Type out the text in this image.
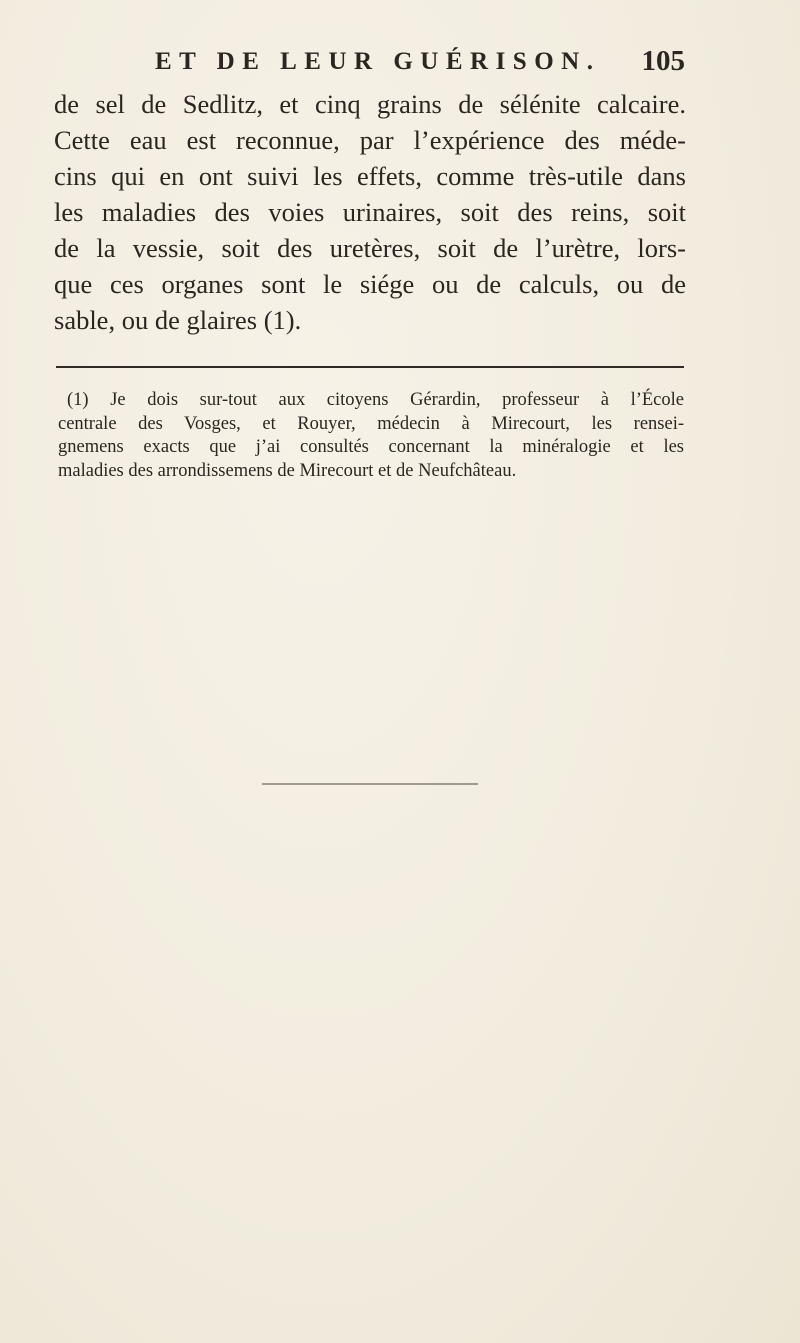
ET DE LEUR GUÉRISON. 105
de sel de Sedlitz, et cinq grains de sélénite calcaire.
Cette eau est reconnue, par l’expérience des méde-
cins qui en ont suivi les effets, comme très-utile dans
les maladies des voies urinaires, soit des reins, soit
de la vessie, soit des uretères, soit de l’urètre, lors-
que ces organes sont le siége ou de calculs, ou de
sable, ou de glaires (1).
(1) Je dois sur-tout aux citoyens Gérardin, professeur à l’École
centrale des Vosges, et Rouyer, médecin à Mirecourt, les rensei-
gnemens exacts que j’ai consultés concernant la minéralogie et les
maladies des arrondissemens de Mirecourt et de Neufchâteau.
